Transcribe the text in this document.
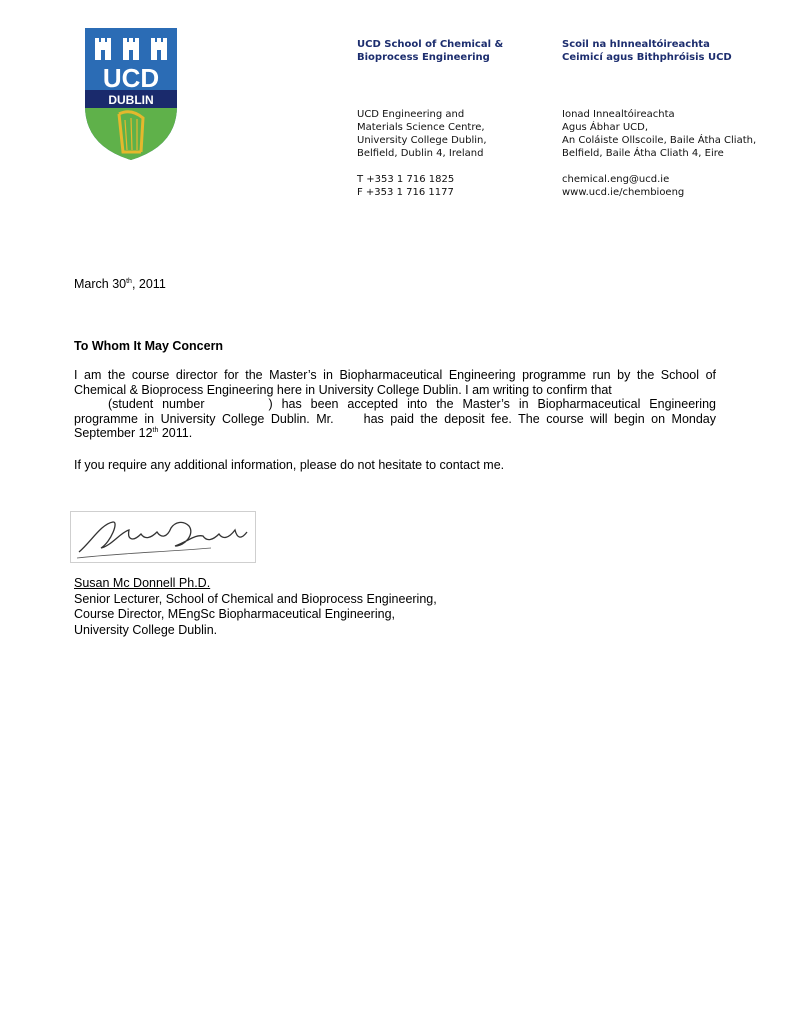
UCD
DUBLIN
UCD School of Chemical &
Bioprocess Engineering
UCD Engineering and
Materials Science Centre,
University College Dublin,
Belfield, Dublin 4, Ireland
T +353 1 716 1825
F +353 1 716 1177
Scoil na hInnealtóireachta
Ceimicí agus Bithphróisis UCD
Ionad Innealtóireachta
Agus Ábhar UCD,
An Coláiste Ollscoile, Baile Átha Cliath,
Belfield, Baile Átha Cliath 4, Eire
chemical.eng@ucd.ie
www.ucd.ie/chembioeng
March 30th, 2011
To Whom It May Concern
I am the course director for the Master’s in Biopharmaceutical Engineering programme run by the School of Chemical & Bioprocess Engineering here in University College Dublin. I am writing to confirm that
(student number	) has been accepted into the Master’s in Biopharmaceutical Engineering programme in University College Dublin. Mr. has paid the deposit fee. The course will begin on Monday September 12th 2011.
If you require any additional information, please do not hesitate to contact me.
Susan Mc Donnell Ph.D.
Senior Lecturer, School of Chemical and Bioprocess Engineering,
Course Director, MEngSc Biopharmaceutical Engineering,
University College Dublin.
